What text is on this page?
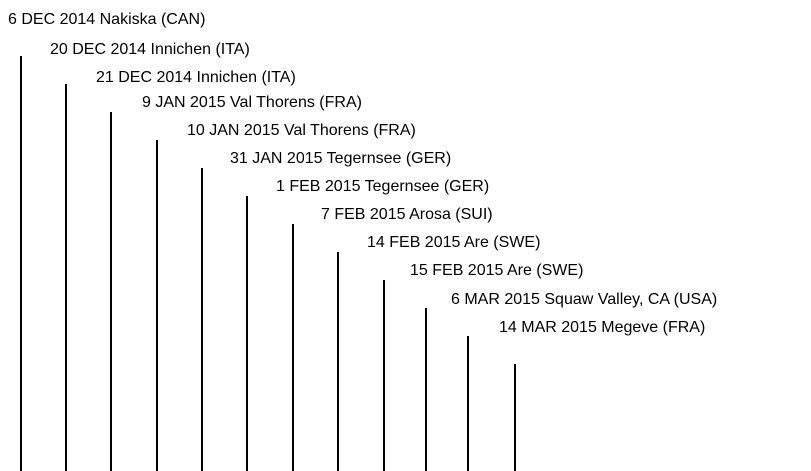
6 DEC 2014 Nakiska (CAN)
20 DEC 2014 Innichen (ITA)
21 DEC 2014 Innichen (ITA)
9 JAN 2015 Val Thorens (FRA)
10 JAN 2015 Val Thorens (FRA)
31 JAN 2015 Tegernsee (GER)
1 FEB 2015 Tegernsee (GER)
7 FEB 2015 Arosa (SUI)
14 FEB 2015 Are (SWE)
15 FEB 2015 Are (SWE)
6 MAR 2015 Squaw Valley, CA (USA)
14 MAR 2015 Megeve (FRA)
